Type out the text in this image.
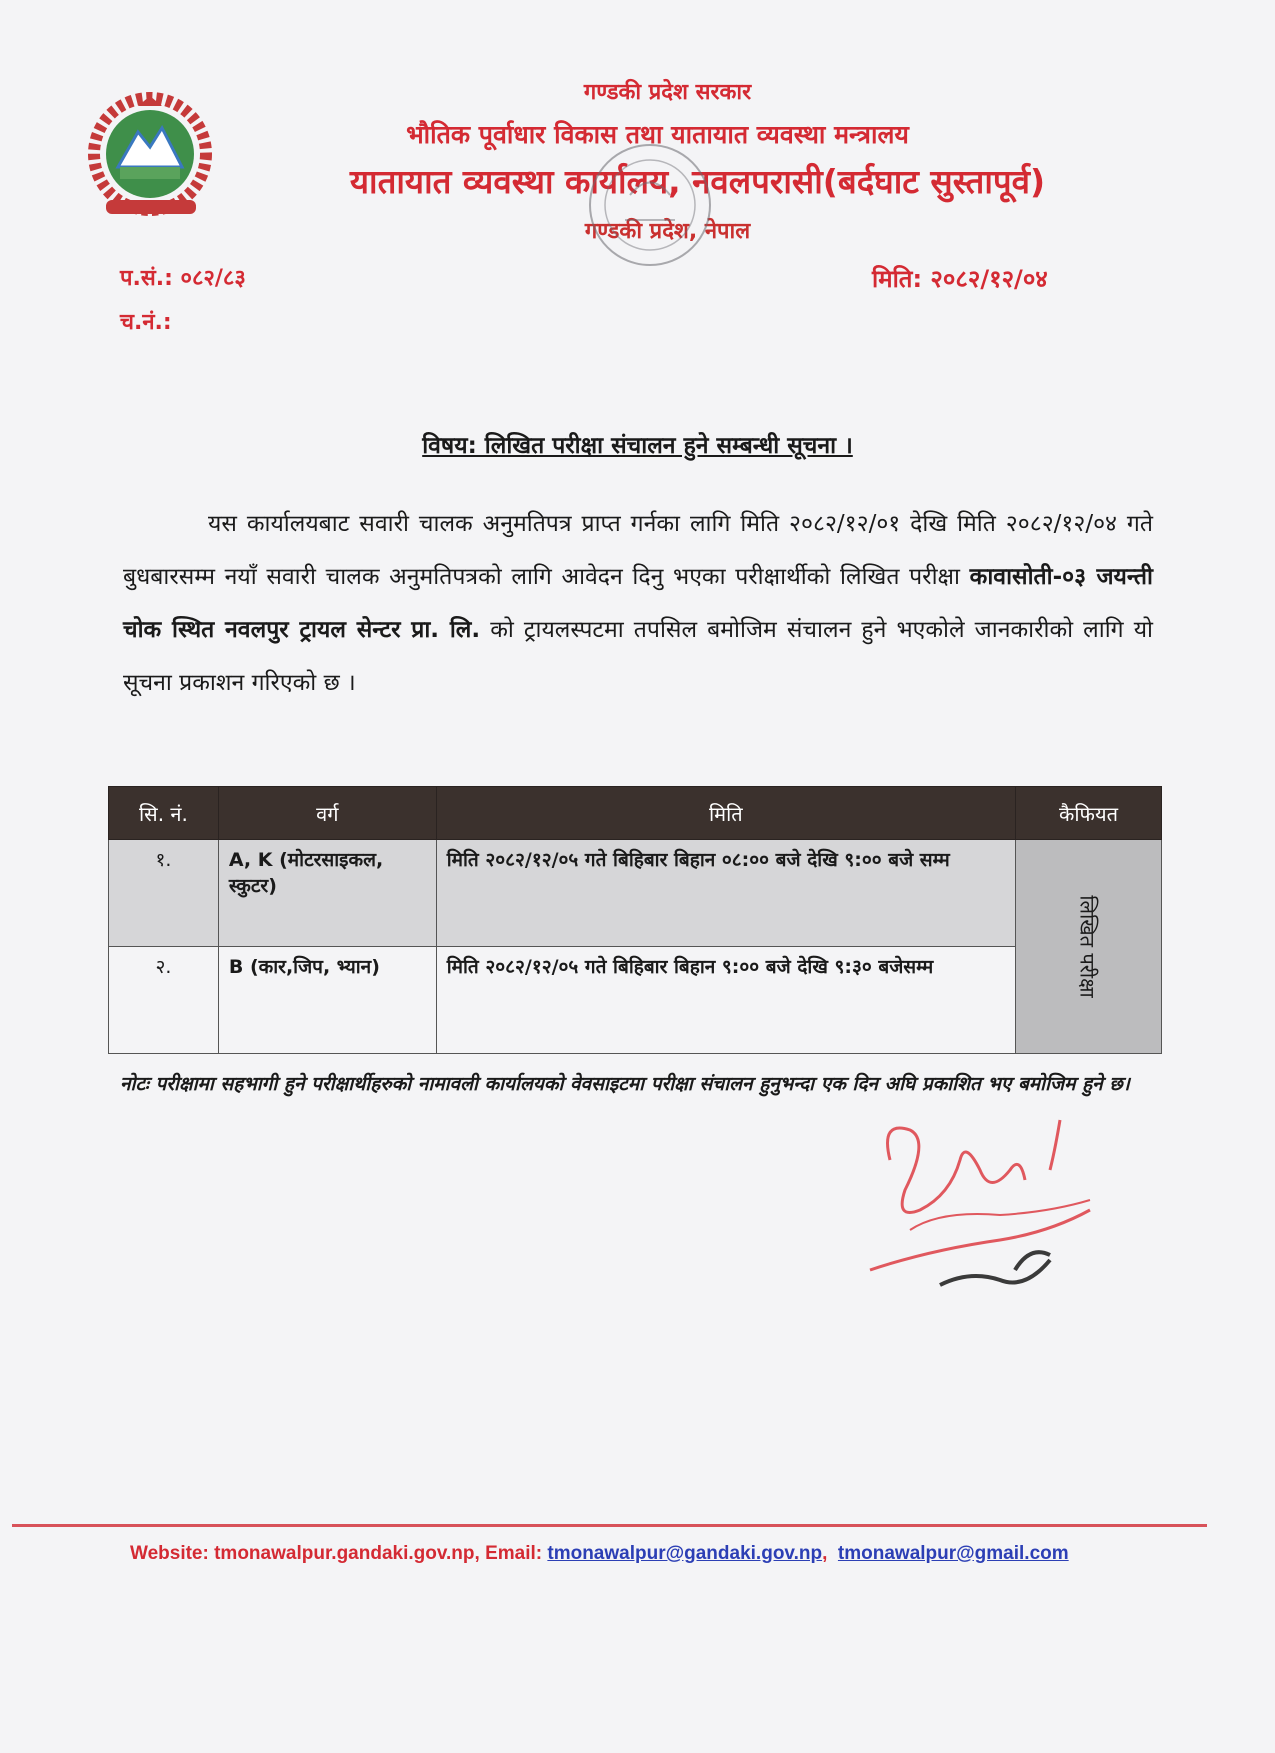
गण्डकी प्रदेश सरकार
भौतिक पूर्वाधार विकास तथा यातायात व्यवस्था मन्त्रालय
यातायात व्यवस्था कार्यालय, नवलपरासी(बर्दघाट सुस्तापूर्व)
गण्डकी प्रदेश, नेपाल
प.सं.: ०८२/८३
च.नं.:
मिति: २०८२/१२/०४
विषय: लिखित परीक्षा संचालन हुने सम्बन्धी सूचना ।
यस कार्यालयबाट सवारी चालक अनुमतिपत्र प्राप्त गर्नका लागि मिति २०८२/१२/०१ देखि मिति २०८२/१२/०४ गते बुधबारसम्म नयाँ सवारी चालक अनुमतिपत्रको लागि आवेदन दिनु भएका परीक्षार्थीको लिखित परीक्षा कावासोती-०३ जयन्ती चोक स्थित नवलपुर ट्रायल सेन्टर प्रा. लि. को ट्रायलस्पटमा तपसिल बमोजिम संचालन हुने भएकोले जानकारीको लागि यो सूचना प्रकाशन गरिएको छ ।
सि. नं.	वर्ग	मिति	कैफियत
१.	A, K (मोटरसाइकल, स्कुटर)	मिति २०८२/१२/०५ गते बिहिबार बिहान ०८:०० बजे देखि ९:०० बजे सम्म	लिखित परीक्षा
२.	B (कार,जिप, भ्यान)	मिति २०८२/१२/०५ गते बिहिबार बिहान ९:०० बजे देखि ९:३० बजेसम्म	
नोटः परीक्षामा सहभागी हुने परीक्षार्थीहरुको नामावली कार्यालयको वेवसाइटमा परीक्षा संचालन हुनुभन्दा एक दिन अघि प्रकाशित भए बमोजिम हुने छ।
Website: tmonawalpur.gandaki.gov.np, Email: tmonawalpur@gandaki.gov.np,  tmonawalpur@gmail.com
